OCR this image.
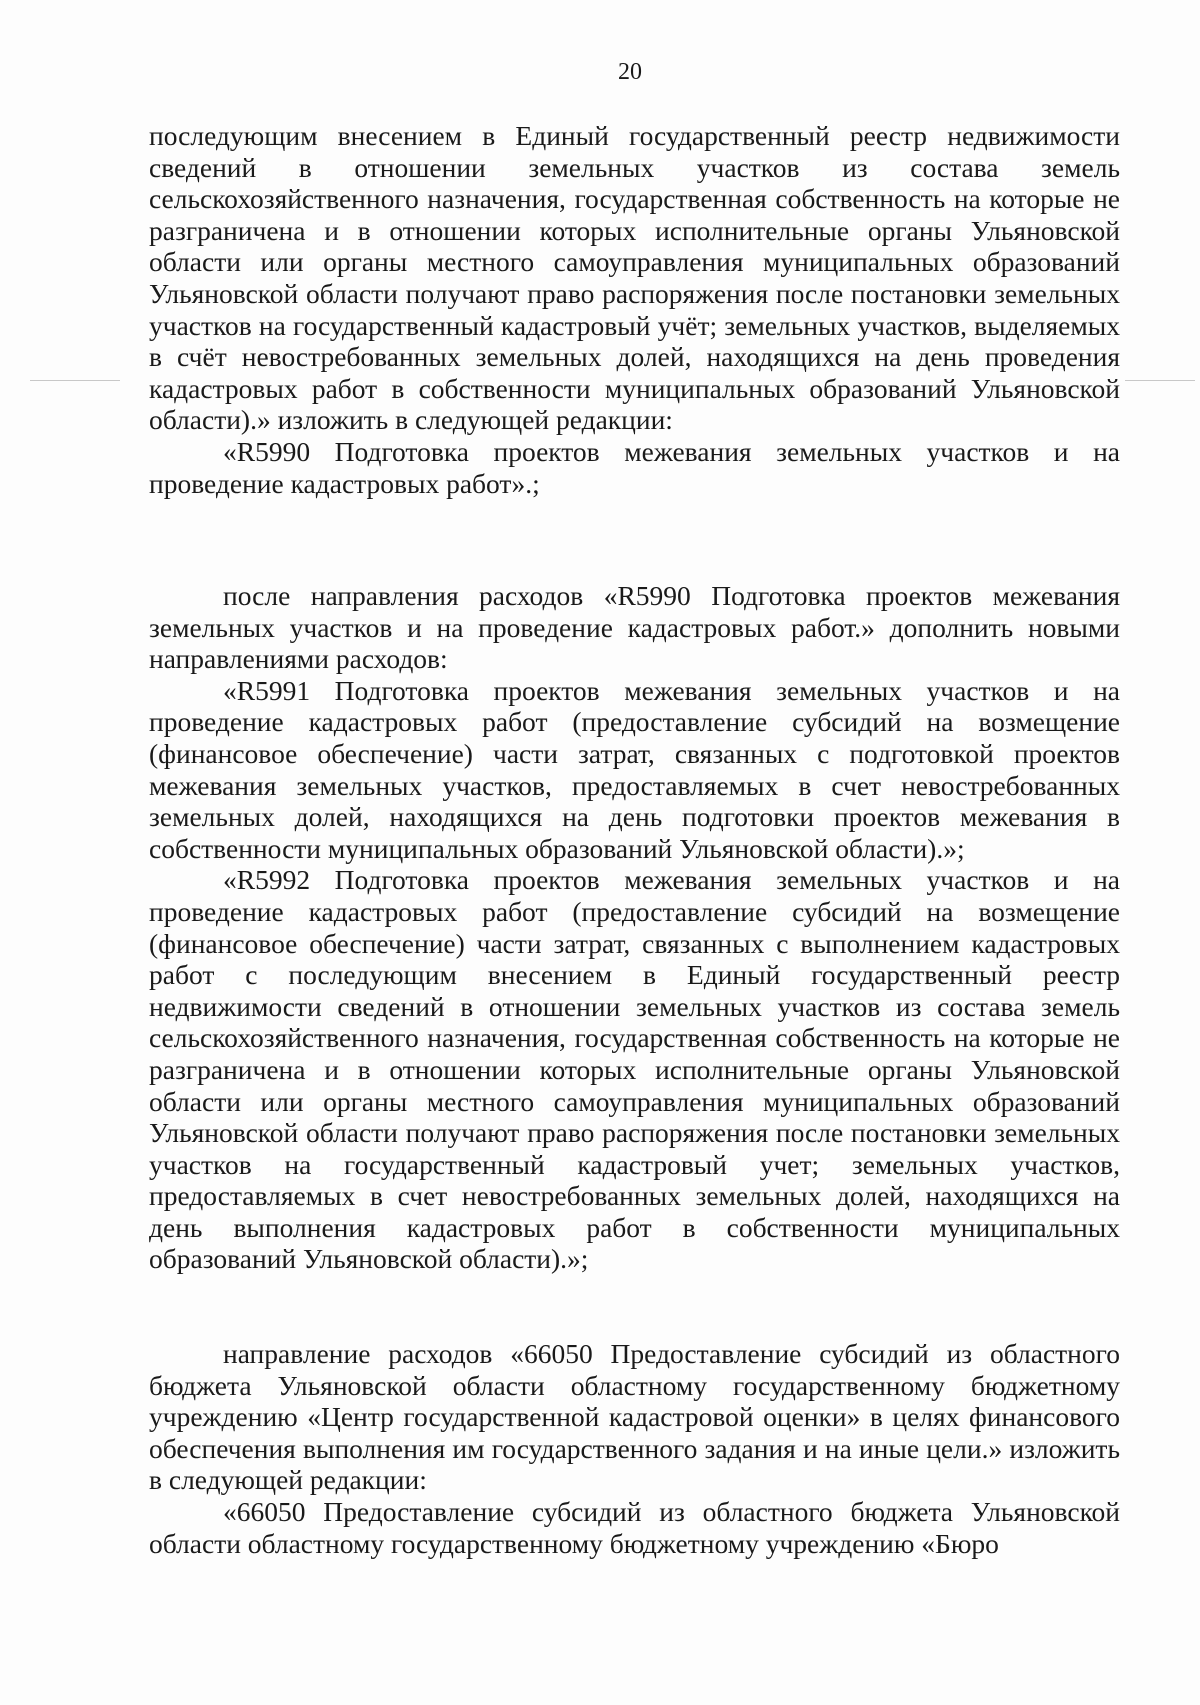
20

последующим внесением в Единый государственный реестр недвижимости сведений в отношении земельных участков из состава земель сельскохозяйственного назначения, государственная собственность на которые не разграничена и в отношении которых исполнительные органы Ульяновской области или органы местного самоуправления муниципальных образований Ульяновской области получают право распоряжения после постановки земельных участков на государственный кадастровый учёт; земельных участков, выделяемых в счёт невостребованных земельных долей, находящихся на день проведения кадастровых работ в собственности муниципальных образований Ульяновской области).» изложить в следующей редакции:

«R5990 Подготовка проектов межевания земельных участков и на проведение кадастровых работ».;

после направления расходов «R5990 Подготовка проектов межевания земельных участков и на проведение кадастровых работ.» дополнить новыми направлениями расходов:

«R5991 Подготовка проектов межевания земельных участков и на проведение кадастровых работ (предоставление субсидий на возмещение (финансовое обеспечение) части затрат, связанных с подготовкой проектов межевания земельных участков, предоставляемых в счет невостребованных земельных долей, находящихся на день подготовки проектов межевания в собственности муниципальных образований Ульяновской области).»;

«R5992 Подготовка проектов межевания земельных участков и на проведение кадастровых работ (предоставление субсидий на возмещение (финансовое обеспечение) части затрат, связанных с выполнением кадастровых работ с последующим внесением в Единый государственный реестр недвижимости сведений в отношении земельных участков из состава земель сельскохозяйственного назначения, государственная собственность на которые не разграничена и в отношении которых исполнительные органы Ульяновской области или органы местного самоуправления муниципальных образований Ульяновской области получают право распоряжения после постановки земельных участков на государственный кадастровый учет; земельных участков, предоставляемых в счет невостребованных земельных долей, находящихся на день выполнения кадастровых работ в собственности муниципальных образований Ульяновской области).»;

направление расходов «66050 Предоставление субсидий из областного бюджета Ульяновской области областному государственному бюджетному учреждению «Центр государственной кадастровой оценки» в целях финансового обеспечения выполнения им государственного задания и на иные цели.» изложить в следующей редакции:

«66050 Предоставление субсидий из областного бюджета Ульяновской области областному государственному бюджетному учреждению «Бюро
